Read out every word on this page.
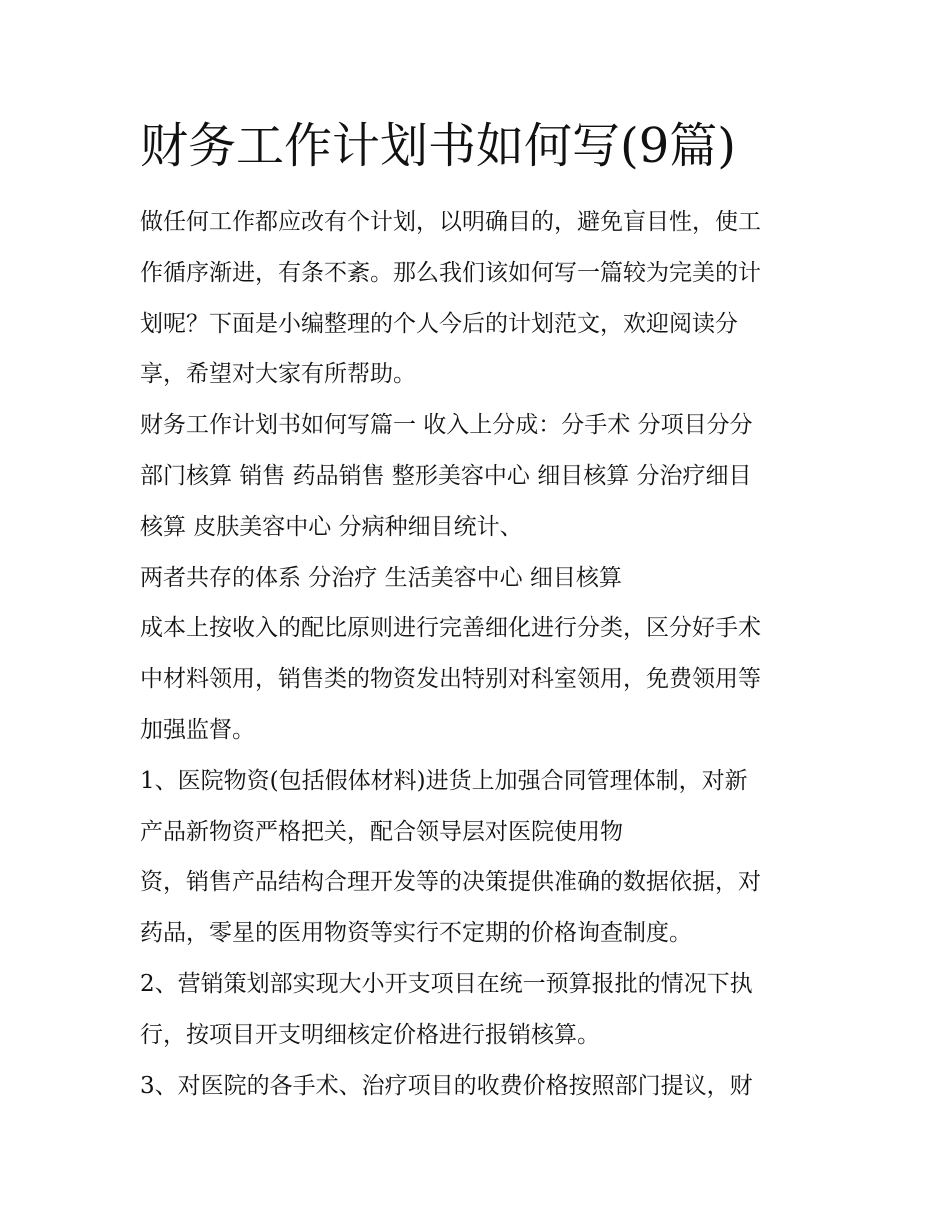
财务工作计划书如何写(9篇)
做任何工作都应改有个计划，以明确目的，避免盲目性，使工
作循序渐进，有条不紊。那么我们该如何写一篇较为完美的计
划呢？下面是小编整理的个人今后的计划范文，欢迎阅读分
享，希望对大家有所帮助。
财务工作计划书如何写篇一 收入上分成：分手术 分项目分分
部门核算 销售 药品销售 整形美容中心 细目核算 分治疗细目
核算 皮肤美容中心 分病种细目统计、
两者共存的体系 分治疗 生活美容中心 细目核算
成本上按收入的配比原则进行完善细化进行分类，区分好手术
中材料领用，销售类的物资发出特别对科室领用，免费领用等
加强监督。
1、医院物资(包括假体材料)进货上加强合同管理体制，对新
产品新物资严格把关，配合领导层对医院使用物
资，销售产品结构合理开发等的决策提供准确的数据依据，对
药品，零星的医用物资等实行不定期的价格询查制度。
2、营销策划部实现大小开支项目在统一预算报批的情况下执
行，按项目开支明细核定价格进行报销核算。
3、对医院的各手术、治疗项目的收费价格按照部门提议，财
